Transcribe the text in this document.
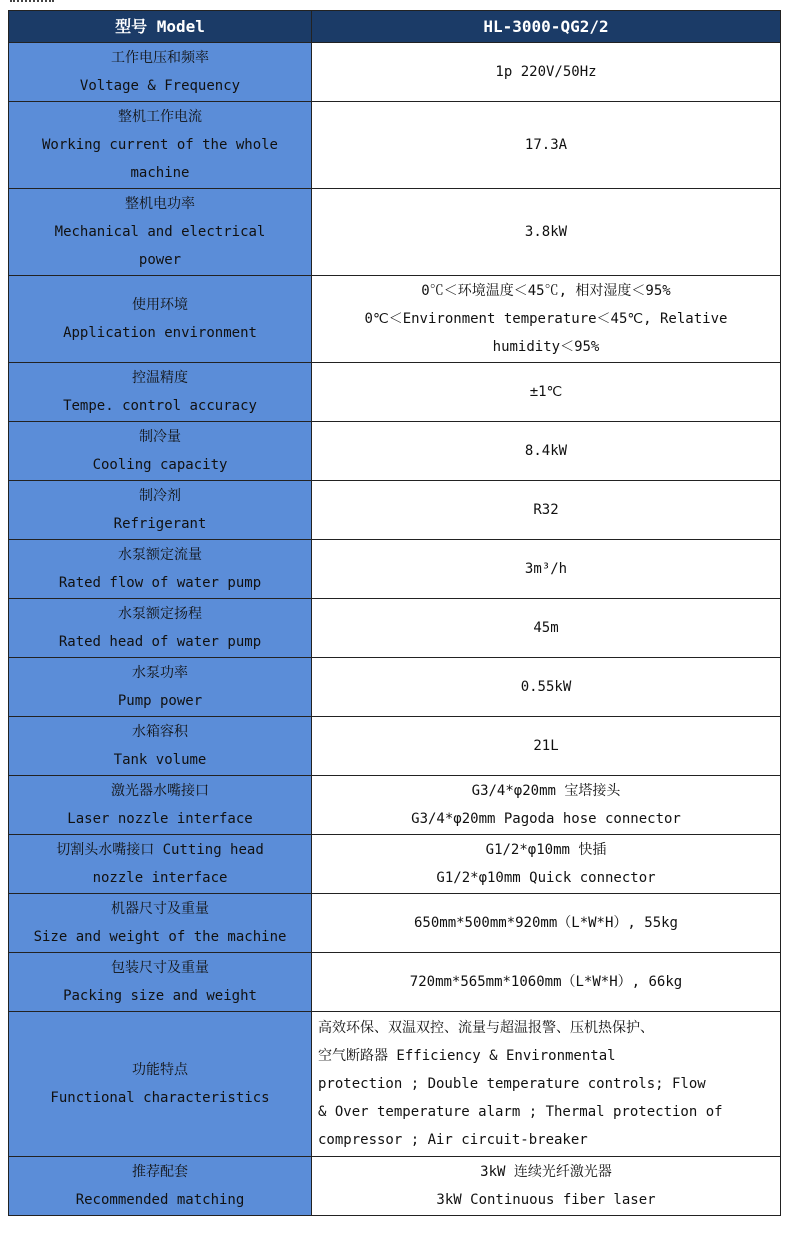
型号 Model	HL-3000-QG2/2

工作电压和频率
Voltage & Frequency	1p 220V/50Hz

整机工作电流
Working current of the whole
machine	17.3A

整机电功率
Mechanical and electrical
power	3.8kW

使用环境
Application environment	0℃＜环境温度＜45℃, 相对湿度＜95%
0℃＜Environment temperature＜45℃, Relative
humidity＜95%

控温精度
Tempe. control accuracy	±1℃

制冷量
Cooling capacity	8.4kW

制冷剂
Refrigerant	R32

水泵额定流量
Rated flow of water pump	3m³/h

水泵额定扬程
Rated head of water pump	45m

水泵功率
Pump power	0.55kW

水箱容积
Tank volume	21L

激光器水嘴接口
Laser nozzle interface	G3/4*φ20mm 宝塔接头
G3/4*φ20mm Pagoda hose connector

切割头水嘴接口 Cutting head
nozzle interface	G1/2*φ10mm 快插
G1/2*φ10mm Quick connector

机器尺寸及重量
Size and weight of the machine	650mm*500mm*920mm（L*W*H）, 55kg

包装尺寸及重量
Packing size and weight	720mm*565mm*1060mm（L*W*H）, 66kg

功能特点
Functional characteristics	高效环保、双温双控、流量与超温报警、压机热保护、
空气断路器 Efficiency & Environmental
protection ; Double temperature controls; Flow
& Over temperature alarm ; Thermal protection of
compressor ; Air circuit-breaker

推荐配套
Recommended matching	3kW 连续光纤激光器
3kW Continuous fiber laser
